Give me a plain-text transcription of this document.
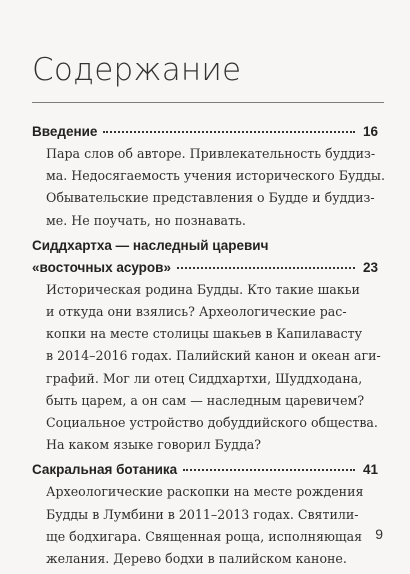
Содержание
Введение	16
Пара слов об авторе. Привлекательность буддиз-
ма. Недосягаемость учения исторического Будды.
Обывательские представления о Будде и буддиз-
ме. Не поучать, но познавать.
Сиддхартха — наследный царевич
«восточных асуров»	23
Историческая родина Будды. Кто такие шакьи
и откуда они взялись? Археологические рас-
копки на месте столицы шакьев в Капилавасту
в 2014–2016 годах. Палийский канон и океан аги-
графий. Мог ли отец Сиддхартхи, Шуддходана,
быть царем, а он сам — наследным царевичем?
Социальное устройство добуддийского общества.
На каком языке говорил Будда?
Сакральная ботаника	41
Археологические раскопки на месте рождения
Будды в Лумбини в 2011–2013 годах. Святили-
ще бодхигара. Священная роща, исполняющая
желания. Дерево бодхи в палийском каноне.
9
